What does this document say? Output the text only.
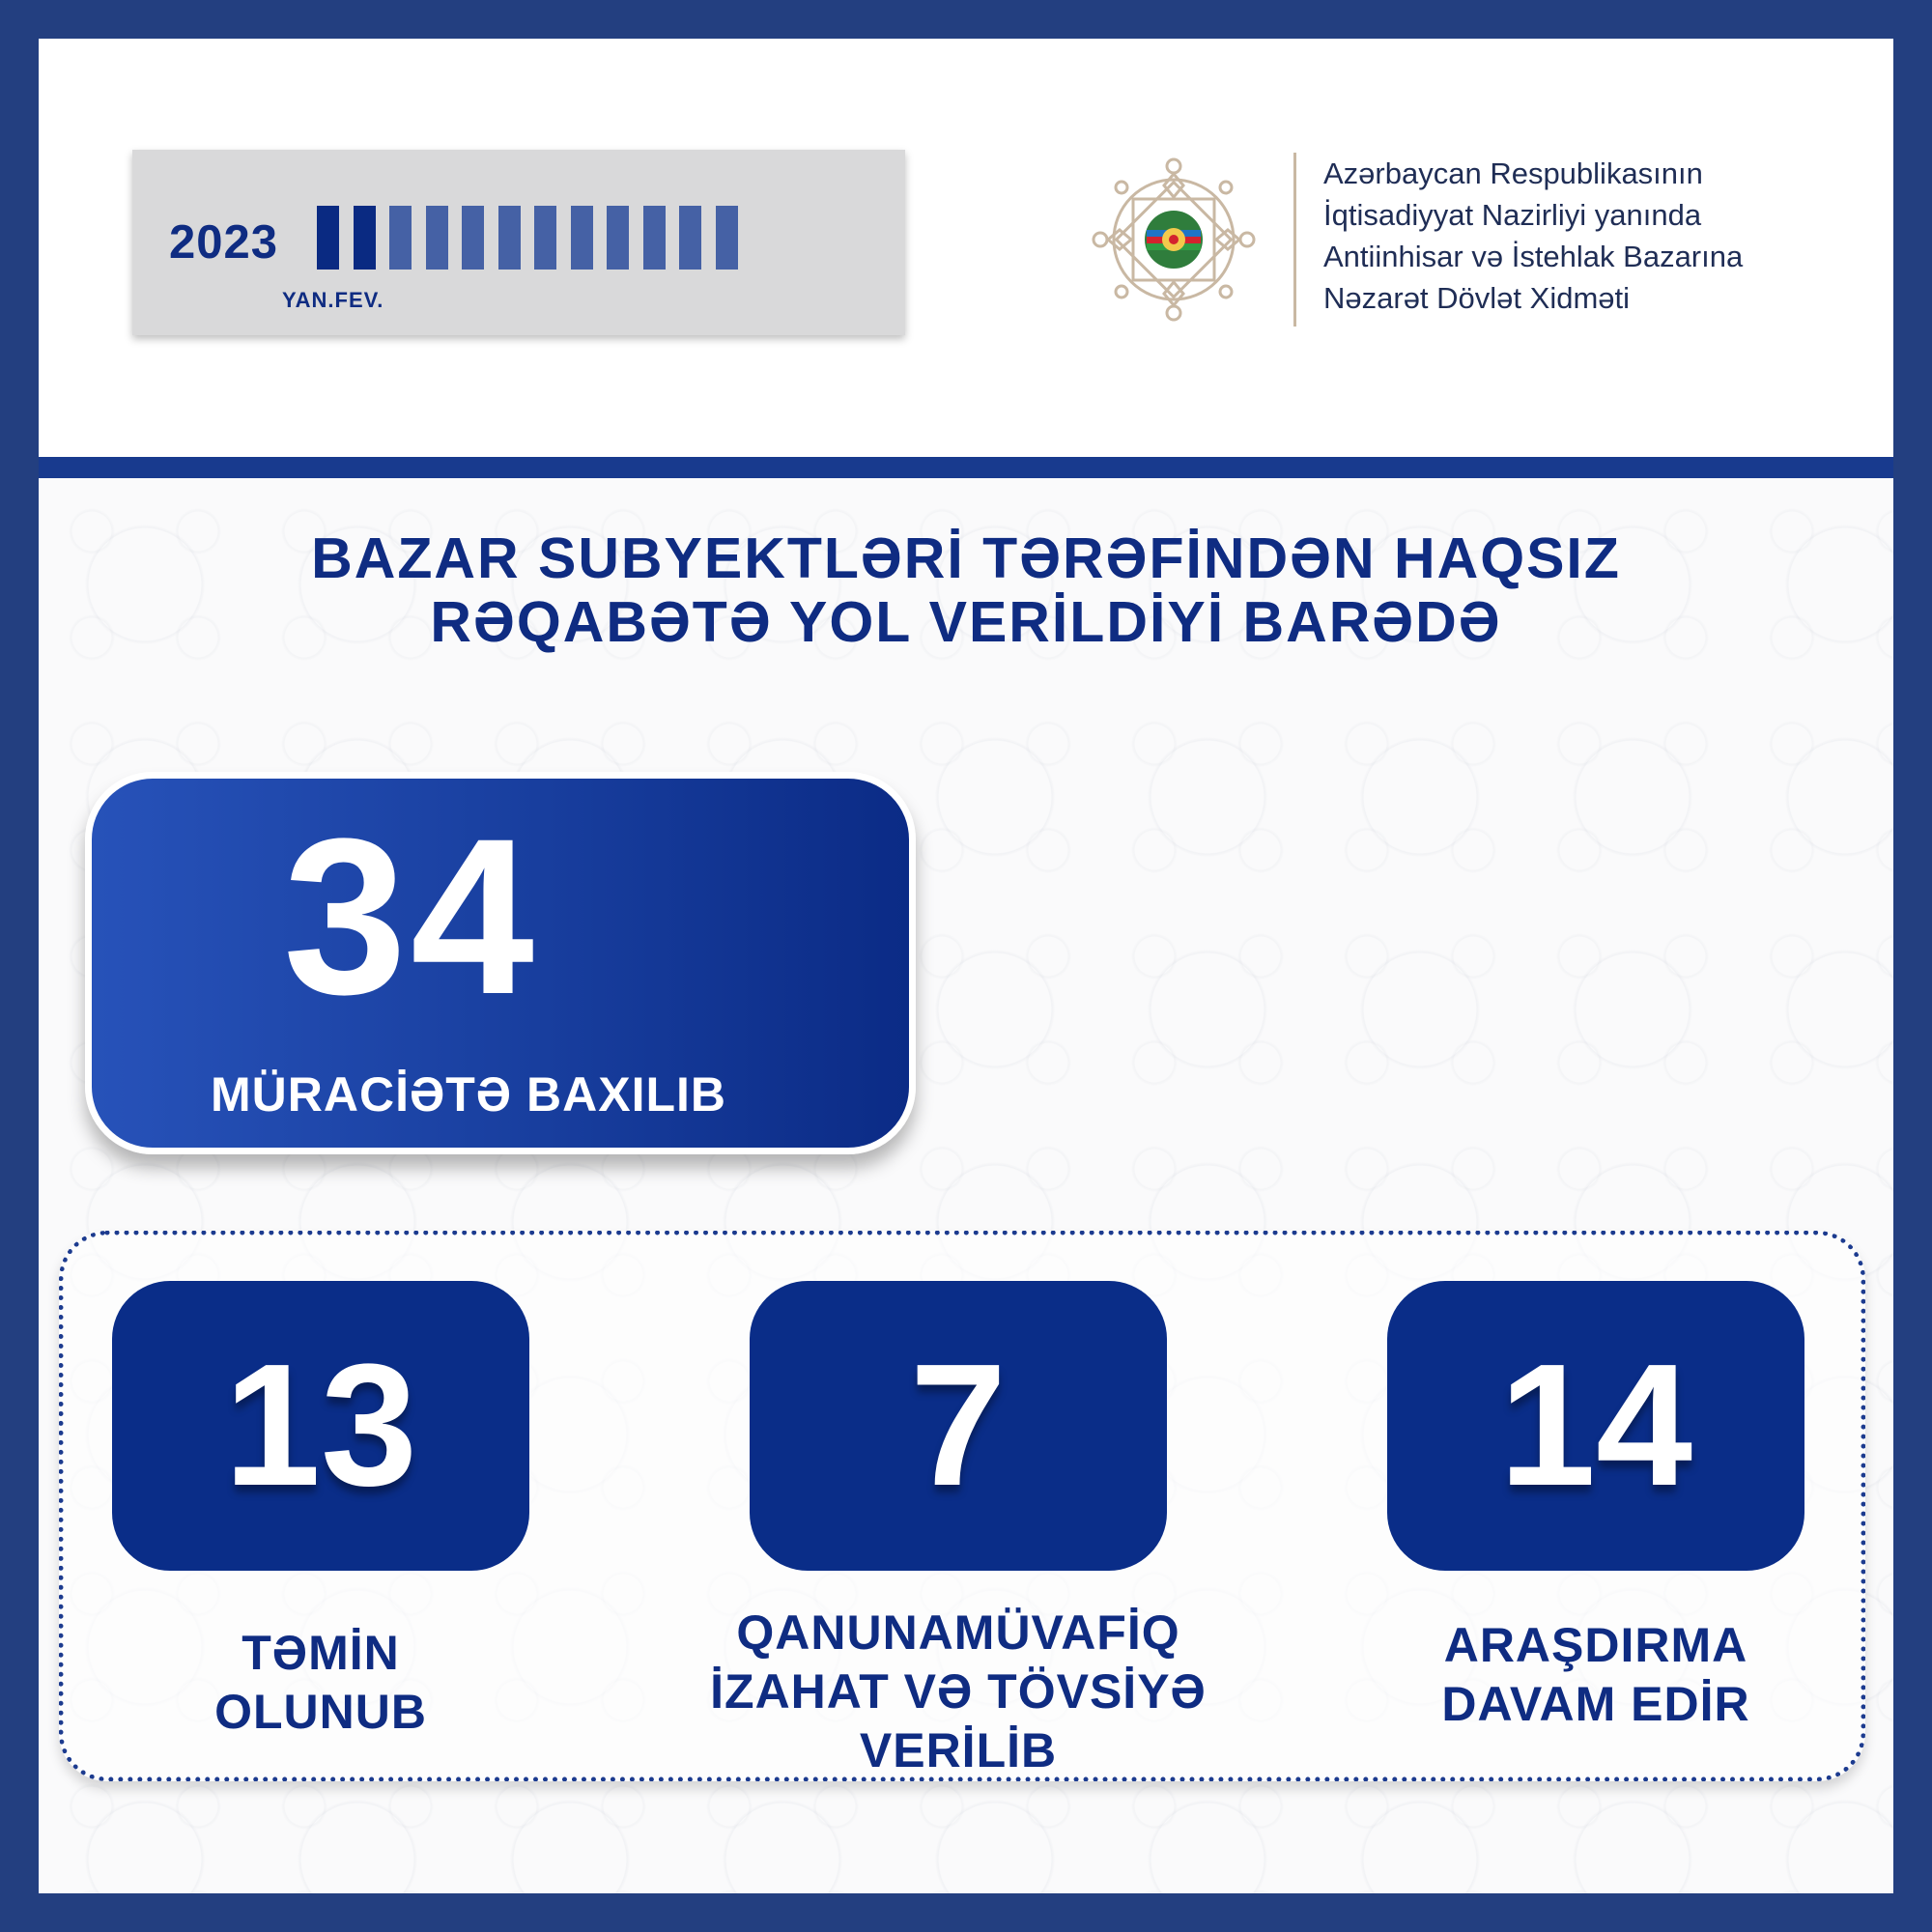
2023
YAN.FEV.
Azərbaycan Respublikasının
İqtisadiyyat Nazirliyi yanında
Antiinhisar və İstehlak Bazarına
Nəzarət Dövlət Xidməti
BAZAR SUBYEKTLƏRİ TƏRƏFİNDƏN HAQSIZ
RƏQABƏTƏ YOL VERİLDİYİ BARƏDƏ
34
MÜRACİƏTƏ BAXILIB
13
TƏMİN
OLUNUB
7
QANUNAMÜVAFİQ
İZAHAT VƏ TÖVSİYƏ
VERİLİB
14
ARAŞDIRMA
DAVAM EDİR
